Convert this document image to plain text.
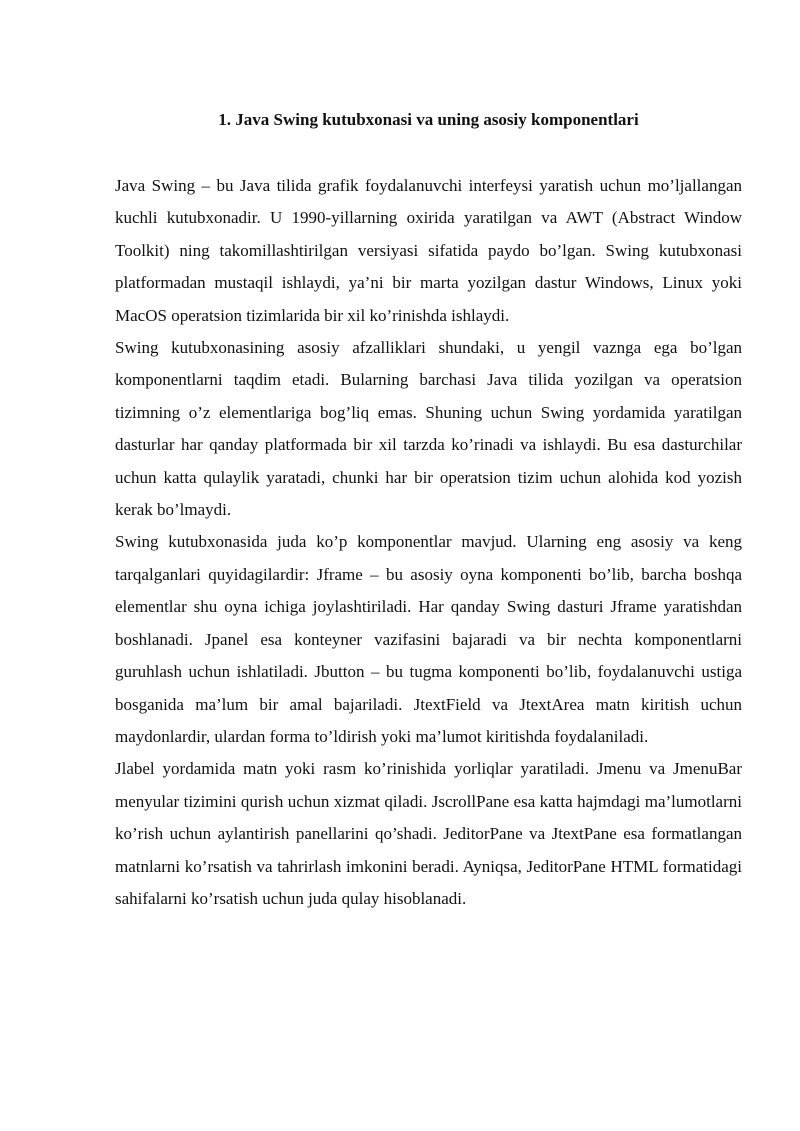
1. Java Swing kutubxonasi va uning asosiy komponentlari

Java Swing – bu Java tilida grafik foydalanuvchi interfeysi yaratish uchun mo’ljallangan kuchli kutubxonadir. U 1990-yillarning oxirida yaratilgan va AWT (Abstract Window Toolkit) ning takomillashtirilgan versiyasi sifatida paydo bo’lgan. Swing kutubxonasi platformadan mustaqil ishlaydi, ya’ni bir marta yozilgan dastur Windows, Linux yoki MacOS operatsion tizimlarida bir xil ko’rinishda ishlaydi.

Swing kutubxonasining asosiy afzalliklari shundaki, u yengil vaznga ega bo’lgan komponentlarni taqdim etadi. Bularning barchasi Java tilida yozilgan va operatsion tizimning o’z elementlariga bog’liq emas. Shuning uchun Swing yordamida yaratilgan dasturlar har qanday platformada bir xil tarzda ko’rinadi va ishlaydi. Bu esa dasturchilar uchun katta qulaylik yaratadi, chunki har bir operatsion tizim uchun alohida kod yozish kerak bo’lmaydi.

Swing kutubxonasida juda ko’p komponentlar mavjud. Ularning eng asosiy va keng tarqalganlari quyidagilardir: Jframe – bu asosiy oyna komponenti bo’lib, barcha boshqa elementlar shu oyna ichiga joylashtiriladi. Har qanday Swing dasturi Jframe yaratishdan boshlanadi. Jpanel esa konteyner vazifasini bajaradi va bir nechta komponentlarni guruhlash uchun ishlatiladi. Jbutton – bu tugma komponenti bo’lib, foydalanuvchi ustiga bosganida ma’lum bir amal bajariladi. JtextField va JtextArea matn kiritish uchun maydonlardir, ulardan forma to’ldirish yoki ma’lumot kiritishda foydalaniladi.

Jlabel yordamida matn yoki rasm ko’rinishida yorliqlar yaratiladi. Jmenu va JmenuBar menyular tizimini qurish uchun xizmat qiladi. JscrollPane esa katta hajmdagi ma’lumotlarni ko’rish uchun aylantirish panellarini qo’shadi. JeditorPane va JtextPane esa formatlangan matnlarni ko’rsatish va tahrirlash imkonini beradi. Ayniqsa, JeditorPane HTML formatidagi sahifalarni ko’rsatish uchun juda qulay hisoblanadi.
